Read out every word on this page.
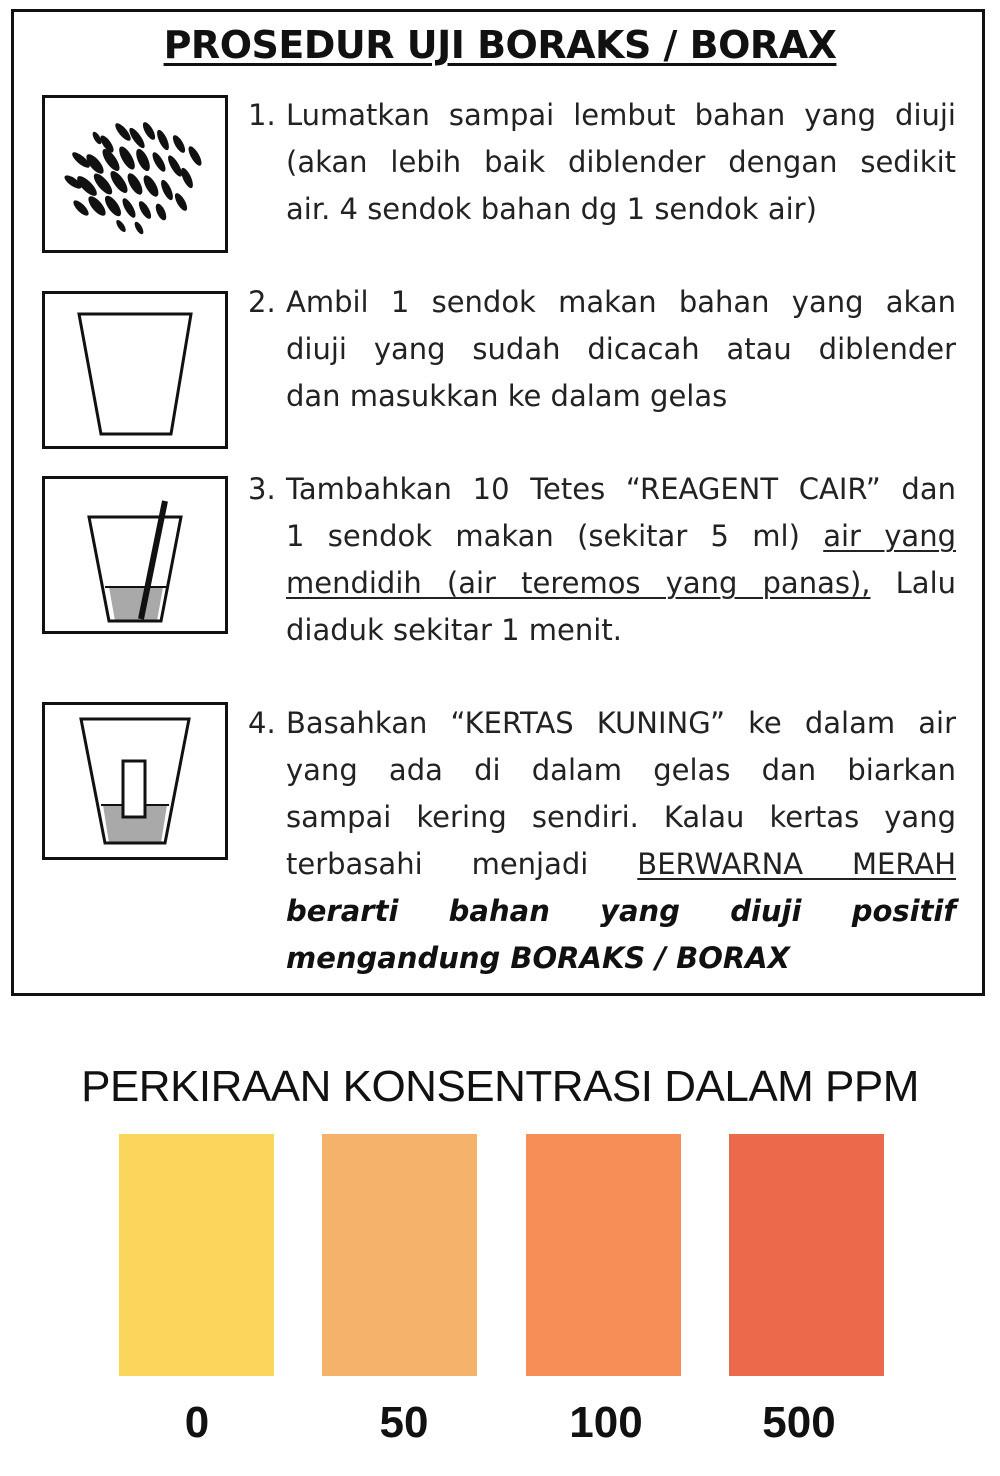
PROSEDUR UJI BORAKS / BORAX
1. Lumatkan sampai lembut bahan yang diuji
(akan lebih baik diblender dengan sedikit
air. 4 sendok bahan dg 1 sendok air)
2. Ambil 1 sendok makan bahan yang akan
diuji yang sudah dicacah atau diblender
dan masukkan ke dalam gelas
3. Tambahkan 10 Tetes “REAGENT CAIR” dan
1 sendok makan (sekitar 5 ml) air yang
mendidih (air teremos yang panas), Lalu
diaduk sekitar 1 menit.
4. Basahkan “KERTAS KUNING” ke dalam air
yang ada di dalam gelas dan biarkan
sampai kering sendiri. Kalau kertas yang
terbasahi menjadi BERWARNA MERAH
berarti bahan yang diuji positif
mengandung BORAKS / BORAX
PERKIRAAN KONSENTRASI DALAM PPM
0	50	100	500
